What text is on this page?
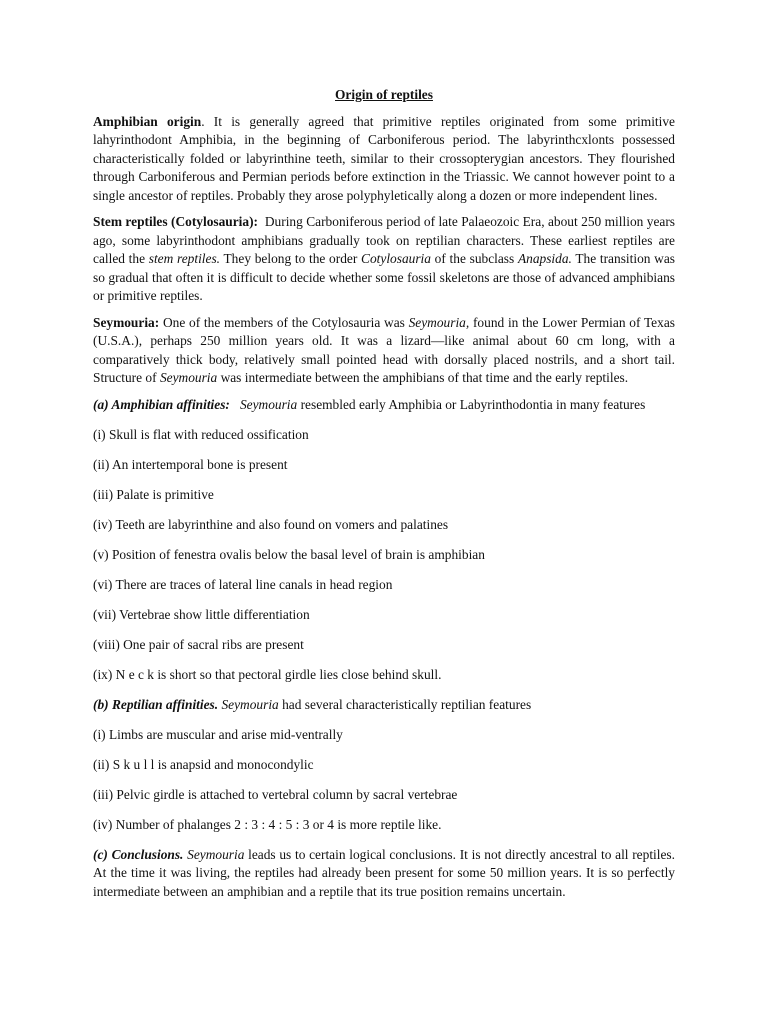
Origin of reptiles

Amphibian origin. It is generally agreed that primitive reptiles originated from some primitive lahyrinthodont Amphibia, in the beginning of Carboniferous period. The labyrinthcxlonts possessed characteristically folded or labyrinthine teeth, similar to their crossopterygian ancestors. They flourished through Carboniferous and Permian periods before extinction in the Triassic. We cannot however point to a single ancestor of reptiles. Probably they arose polyphyletically along a dozen or more independent lines.

Stem reptiles (Cotylosauria):  During Carboniferous period of late Palaeozoic Era, about 250 million years ago, some labyrinthodont amphibians gradually took on reptilian characters. These earliest reptiles are called the stem reptiles. They belong to the order Cotylosauria of the subclass Anapsida. The transition was so gradual that often it is difficult to decide whether some fossil skeletons are those of advanced amphibians or primitive reptiles.

Seymouria: One of the members of the Cotylosauria was Seymouria, found in the Lower Permian of Texas (U.S.A.), perhaps 250 million years old. It was a lizard—like animal about 60 cm long, with a comparatively thick body, relatively small pointed head with dorsally placed nostrils, and a short tail. Structure of Seymouria was intermediate between the amphibians of that time and the early reptiles.

(a) Amphibian affinities: Seymouria resembled early Amphibia or Labyrinthodontia in many features

(i) Skull is flat with reduced ossification
(ii) An intertemporal bone is present
(iii) Palate is primitive
(iv) Teeth are labyrinthine and also found on vomers and palatines
(v) Position of fenestra ovalis below the basal level of brain is amphibian
(vi) There are traces of lateral line canals in head region
(vii) Vertebrae show little differentiation
(viii) One pair of sacral ribs are present
(ix) N e c k is short so that pectoral girdle lies close behind skull.
(b) Reptilian affinities. Seymouria had several characteristically reptilian features
(i) Limbs are muscular and arise mid-ventrally
(ii) S k u l l is anapsid and monocondylic
(iii) Pelvic girdle is attached to vertebral column by sacral vertebrae
(iv) Number of phalanges 2 : 3 : 4 : 5 : 3 or 4 is more reptile like.

(c) Conclusions. Seymouria leads us to certain logical conclusions. It is not directly ancestral to all reptiles. At the time it was living, the reptiles had already been present for some 50 million years. It is so perfectly intermediate between an amphibian and a reptile that its true position remains uncertain.
